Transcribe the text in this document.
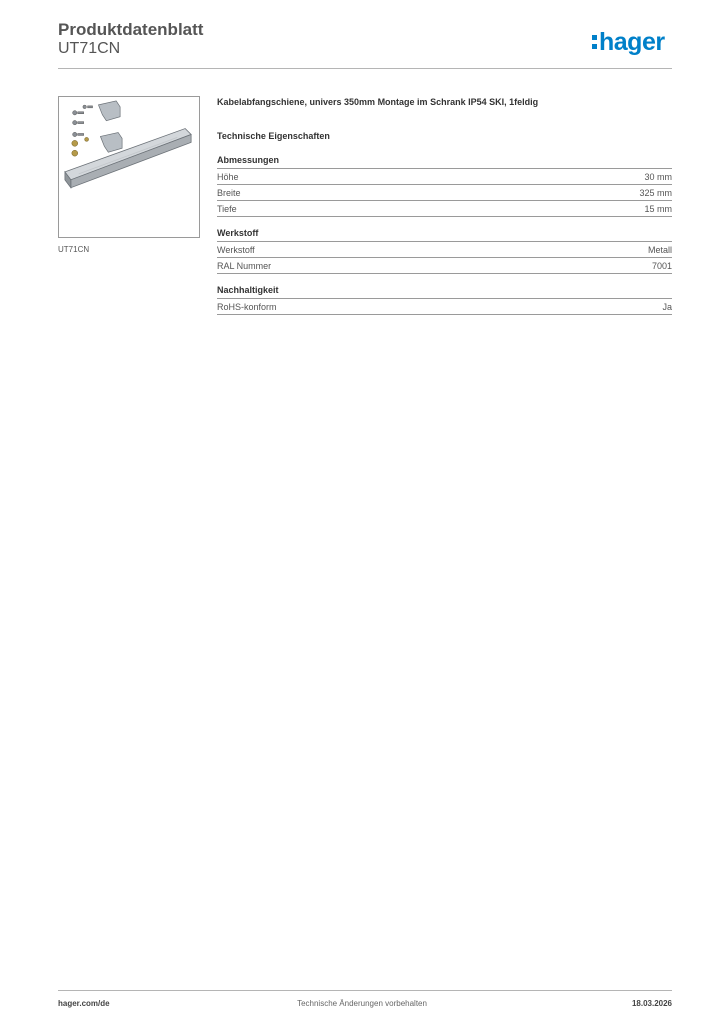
Produktdatenblatt
UT71CN	hager
UT71CN

Kabelabfangschiene, univers 350mm Montage im Schrank IP54 SKI, 1feldig

Technische Eigenschaften

Abmessungen
Höhe	30 mm
Breite	325 mm
Tiefe	15 mm
Werkstoff
Werkstoff	Metall
RAL Nummer	7001
Nachhaltigkeit
RoHS-konform	Ja
hager.com/de	Technische Änderungen vorbehalten	18.03.2026
